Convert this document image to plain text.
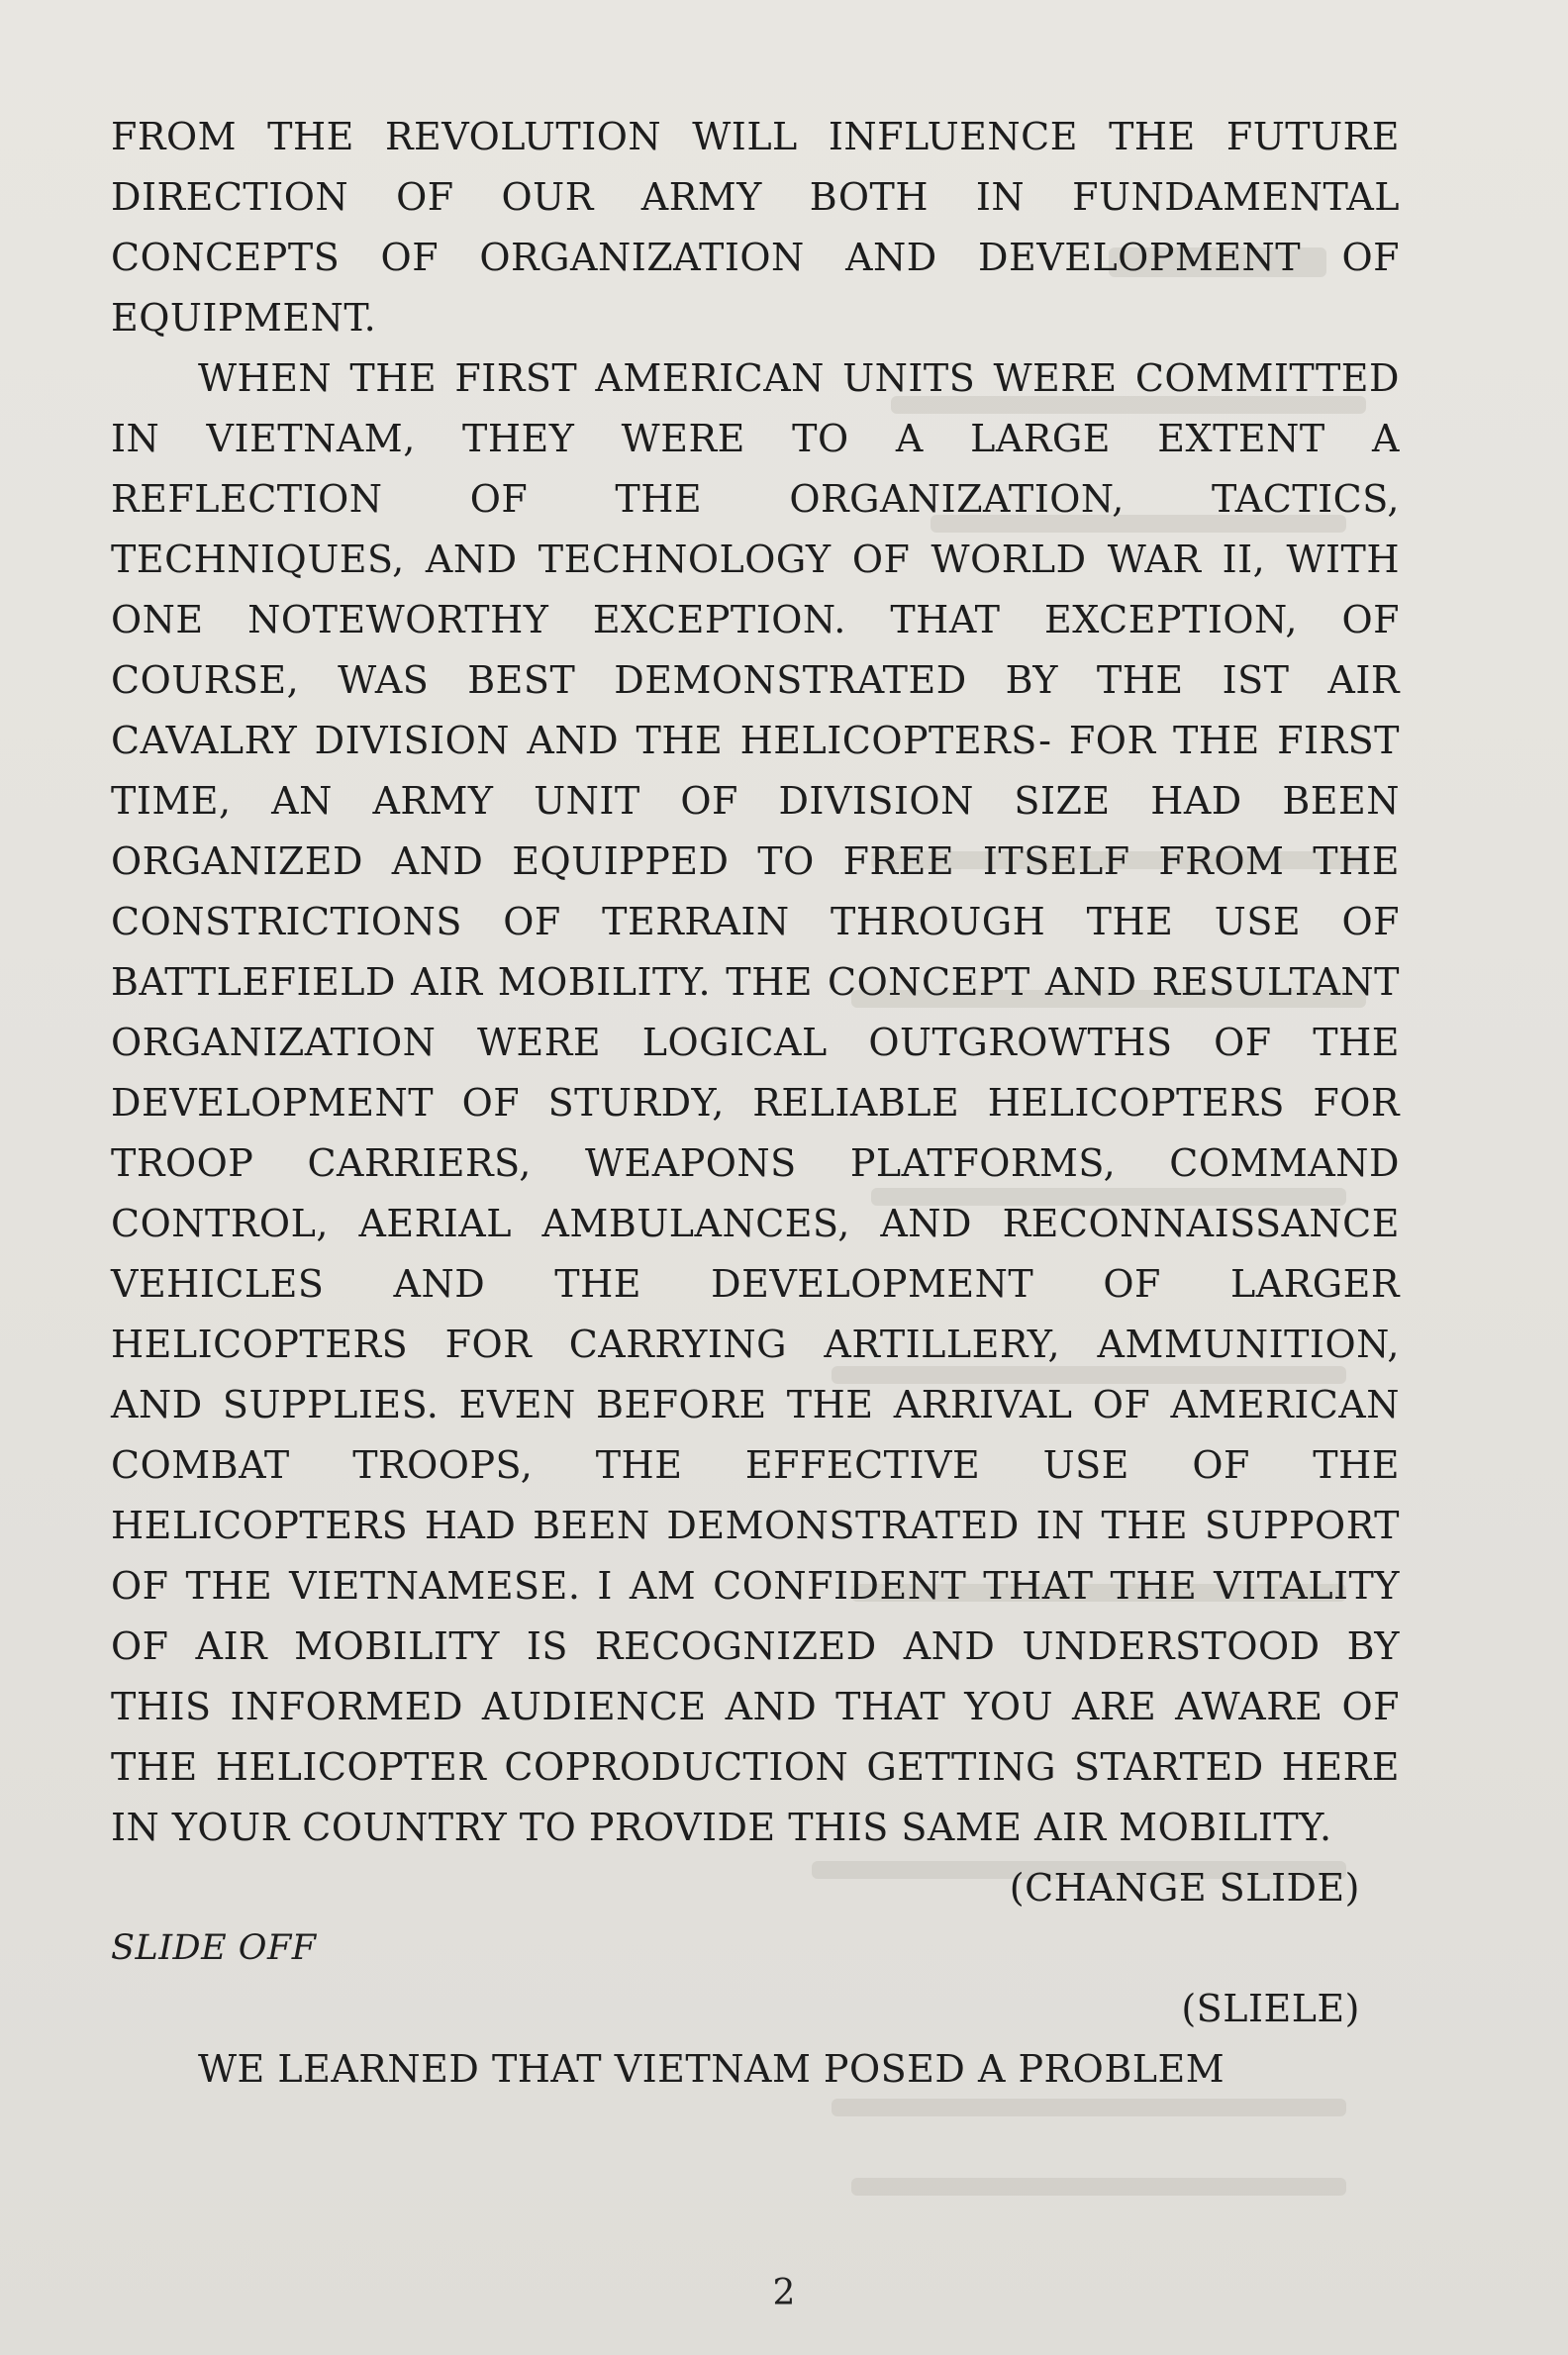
FROM THE REVOLUTION WILL INFLUENCE THE FUTURE DIRECTION OF OUR ARMY BOTH IN FUNDAMENTAL CONCEPTS OF ORGANIZATION AND DEVELOPMENT OF EQUIPMENT.

WHEN THE FIRST AMERICAN UNITS WERE COMMITTED IN VIETNAM, THEY WERE TO A LARGE EXTENT A REFLECTION OF THE ORGANIZATION, TACTICS, TECHNIQUES, AND TECHNOLOGY OF WORLD WAR II, WITH ONE NOTEWORTHY EXCEPTION. THAT EXCEPTION, OF COURSE, WAS BEST DEMONSTRATED BY THE IST AIR CAVALRY DIVISION AND THE HELICOPTERS- FOR THE FIRST TIME, AN ARMY UNIT OF DIVISION SIZE HAD BEEN ORGANIZED AND EQUIPPED TO FREE ITSELF FROM THE CONSTRICTIONS OF TERRAIN THROUGH THE USE OF BATTLEFIELD AIR MOBILITY. THE CONCEPT AND RESULTANT ORGANIZATION WERE LOGICAL OUTGROWTHS OF THE DEVELOPMENT OF STURDY, RELIABLE HELICOPTERS FOR TROOP CARRIERS, WEAPONS PLATFORMS, COMMAND CONTROL, AERIAL AMBULANCES, AND RECONNAISSANCE VEHICLES AND THE DEVELOPMENT OF LARGER HELICOPTERS FOR CARRYING ARTILLERY, AMMUNITION, AND SUPPLIES. EVEN BEFORE THE ARRIVAL OF AMERICAN COMBAT TROOPS, THE EFFECTIVE USE OF THE HELICOPTERS HAD BEEN DEMONSTRATED IN THE SUPPORT OF THE VIETNAMESE. I AM CONFIDENT THAT THE VITALITY OF AIR MOBILITY IS RECOGNIZED AND UNDERSTOOD BY THIS INFORMED AUDIENCE AND THAT YOU ARE AWARE OF THE HELICOPTER COPRODUCTION GETTING STARTED HERE IN YOUR COUNTRY TO PROVIDE THIS SAME AIR MOBILITY.

(CHANGE SLIDE)

SLIDE OFF

(SLIELE)

WE LEARNED THAT VIETNAM POSED A PROBLEM

2
